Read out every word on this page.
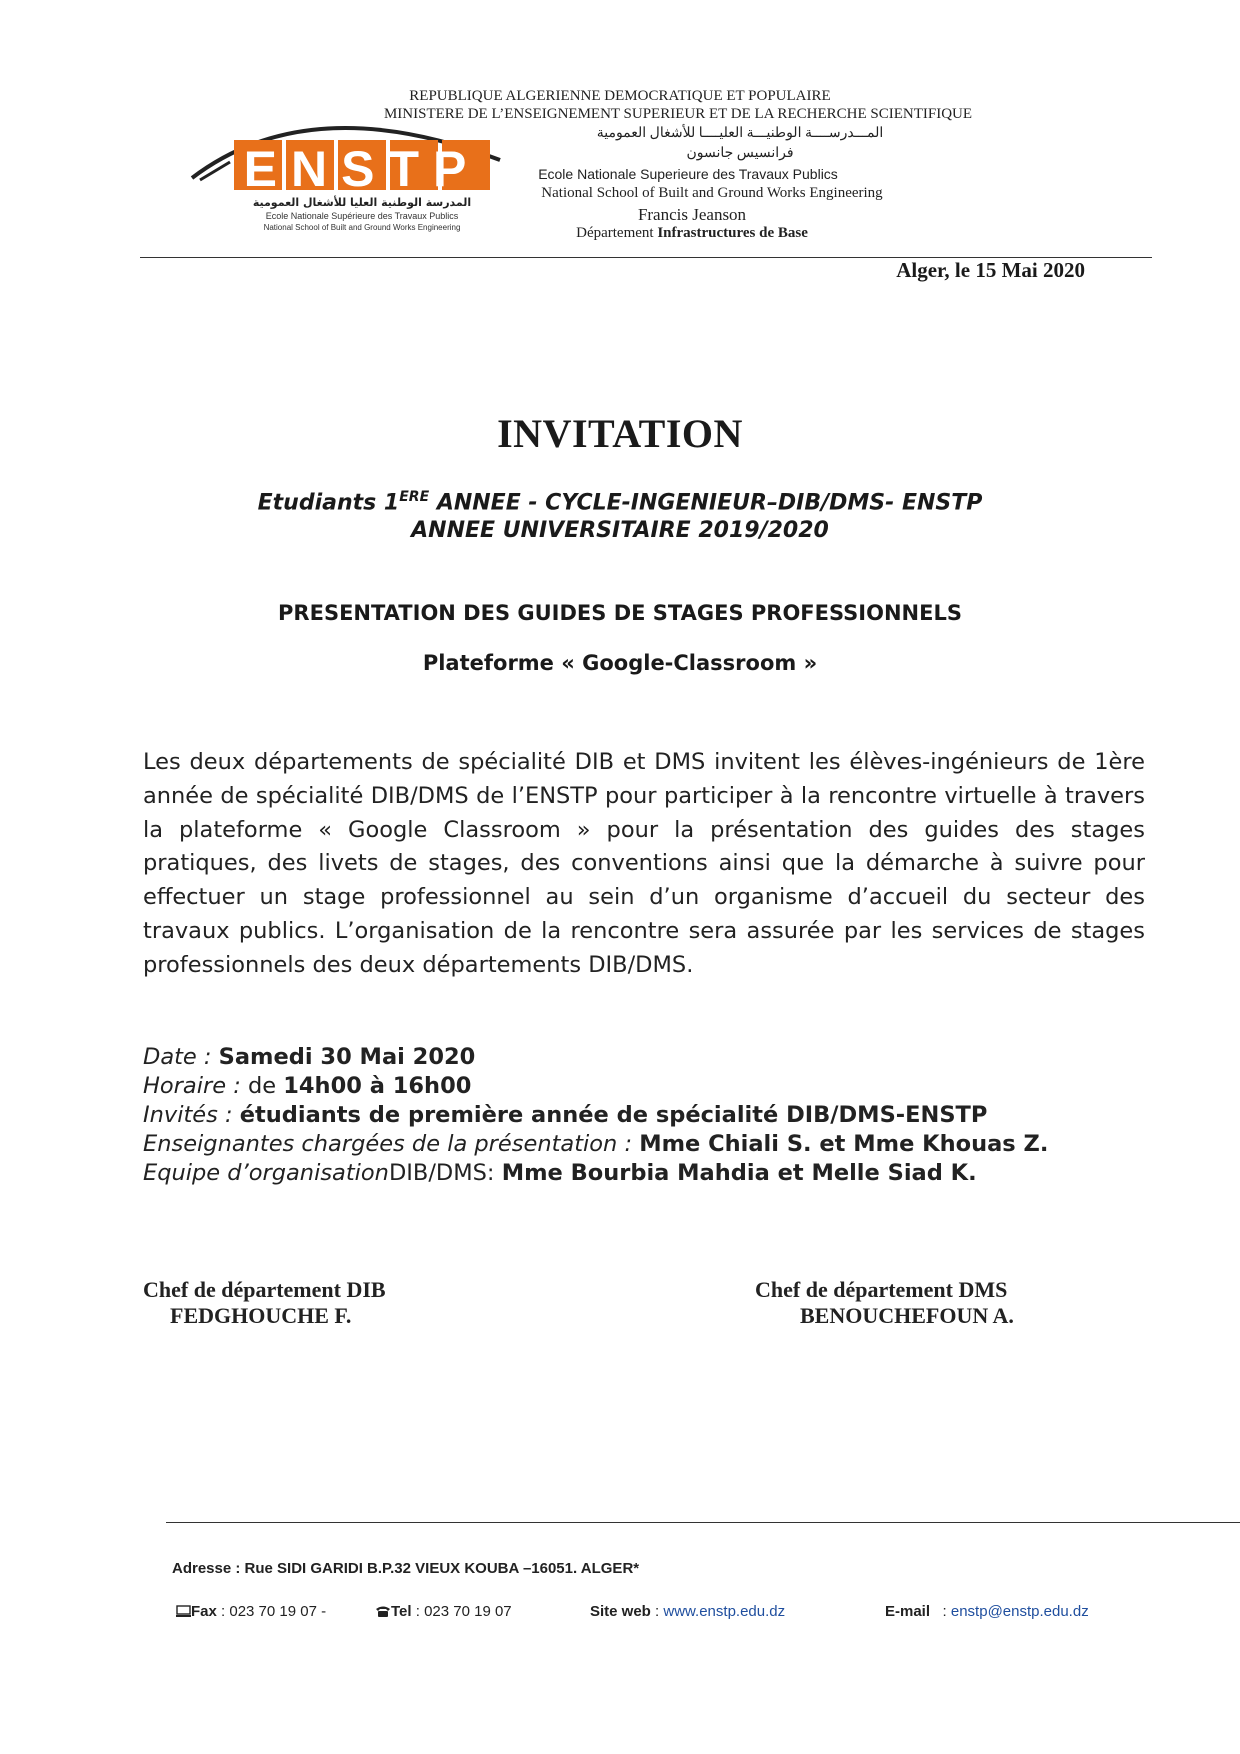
REPUBLIQUE ALGERIENNE DEMOCRATIQUE ET POPULAIRE
MINISTERE DE L’ENSEIGNEMENT SUPERIEUR ET DE LA RECHERCHE SCIENTIFIQUE
المـــدرســــة الوطنيـــة العليــــا للأشغال العمومية
فرانسيس جانسون
Ecole Nationale Superieure des Travaux Publics
National School of Built and Ground Works Engineering
Francis Jeanson
Département Infrastructures de Base
ENSTP
المدرسة الوطنية العليا للأشغال العمومية
Ecole Nationale Supérieure des Travaux Publics
National School of Built and Ground Works Engineering
Alger, le 15 Mai 2020
INVITATION
Etudiants 1ERE ANNEE - CYCLE-INGENIEUR–DIB/DMS- ENSTP
ANNEE UNIVERSITAIRE 2019/2020
PRESENTATION DES GUIDES DE STAGES PROFESSIONNELS
Plateforme « Google-Classroom »
Les deux départements de spécialité DIB et DMS invitent les élèves-ingénieurs de 1ère année de spécialité DIB/DMS de l’ENSTP pour participer à la rencontre virtuelle à travers la plateforme « Google Classroom » pour la présentation des guides des stages pratiques, des livets de stages, des conventions ainsi que la démarche à suivre pour effectuer un stage professionnel au sein d’un organisme d’accueil du secteur des travaux publics. L’organisation de la rencontre sera assurée par les services de stages professionnels des deux départements DIB/DMS.
Date : Samedi 30 Mai 2020
Horaire : de 14h00 à 16h00
Invités : étudiants de première année de spécialité DIB/DMS-ENSTP
Enseignantes chargées de la présentation : Mme Chiali S. et Mme Khouas Z.
Equipe d’organisationDIB/DMS: Mme Bourbia Mahdia et Melle Siad K.
Chef de département DIB
FEDGHOUCHE F.
Chef de département DMS
BENOUCHEFOUN A.
Adresse : Rue SIDI GARIDI B.P.32 VIEUX KOUBA –16051. ALGER*
Fax : 023 70 19 07 -	Tel : 023 70 19 07	Site web : www.enstp.edu.dz	E-mail : enstp@enstp.edu.dz
